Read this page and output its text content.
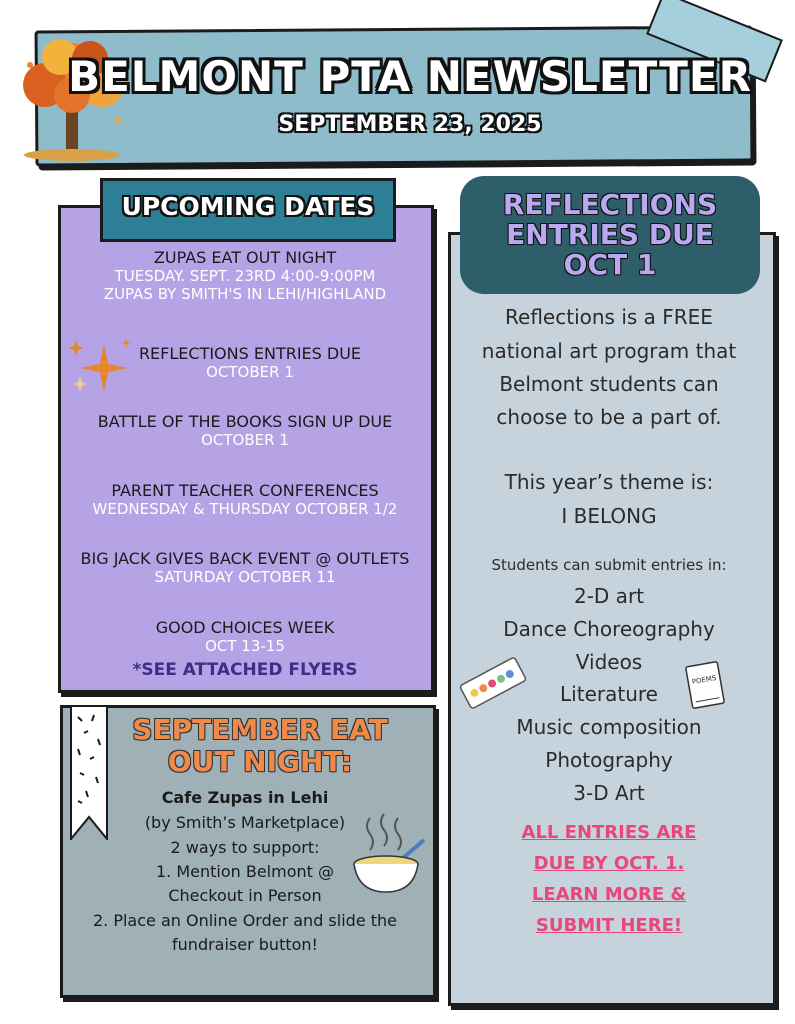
BELMONT PTA NEWSLETTER
SEPTEMBER 23, 2025
UPCOMING DATES
ZUPAS EAT OUT NIGHT
TUESDAY. SEPT. 23RD 4:00-9:00PM
ZUPAS BY SMITH'S IN LEHI/HIGHLAND
REFLECTIONS ENTRIES DUE
OCTOBER 1
BATTLE OF THE BOOKS SIGN UP DUE
OCTOBER 1
PARENT TEACHER CONFERENCES
WEDNESDAY & THURSDAY OCTOBER 1/2
BIG JACK GIVES BACK EVENT @ OUTLETS
SATURDAY OCTOBER 11
GOOD CHOICES WEEK
OCT 13-15
*SEE ATTACHED FLYERS
SEPTEMBER EAT
OUT NIGHT:
Cafe Zupas in Lehi
(by Smith’s Marketplace)
2 ways to support:
1. Mention Belmont @
Checkout in Person
2. Place an Online Order and slide the
fundraiser button!
REFLECTIONS
ENTRIES DUE
OCT 1
Reflections is a FREE
national art program that
Belmont students can
choose to be a part of.
This year’s theme is:
I BELONG
Students can submit entries in:
2-D art
Dance Choreography
Videos
Literature
Music composition
Photography
3-D Art
POEMS
ALL ENTRIES ARE
DUE BY OCT. 1.
LEARN MORE &
SUBMIT HERE!
